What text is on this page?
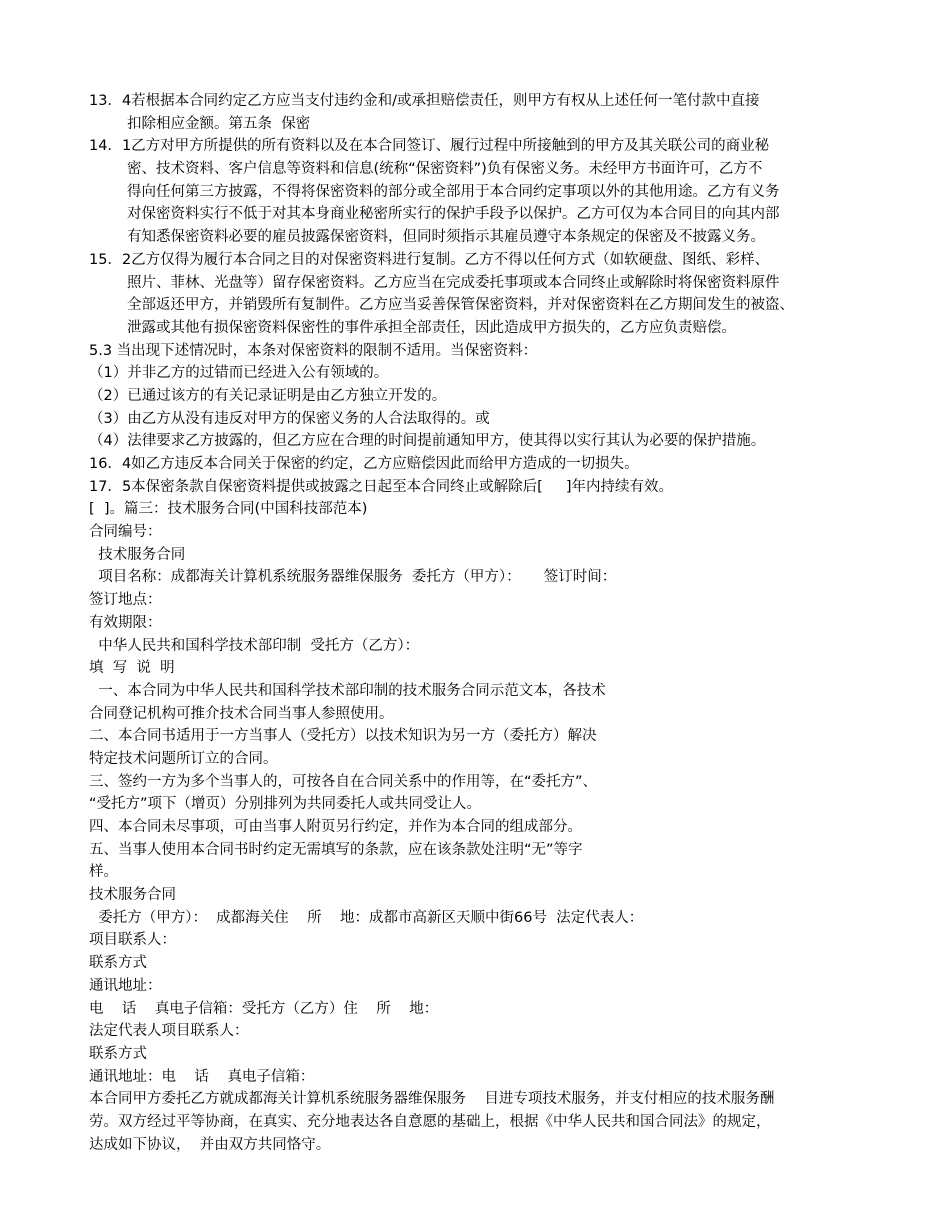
13．4若根据本合同约定乙方应当支付违约金和/或承担赔偿责任，则甲方有权从上述任何一笔付款中直接
扣除相应金额。第五条  保密
14．1乙方对甲方所提供的所有资料以及在本合同签订、履行过程中所接触到的甲方及其关联公司的商业秘
密、技术资料、客户信息等资料和信息(统称“保密资料”)负有保密义务。未经甲方书面许可，乙方不
得向任何第三方披露，不得将保密资料的部分或全部用于本合同约定事项以外的其他用途。乙方有义务
对保密资料实行不低于对其本身商业秘密所实行的保护手段予以保护。乙方可仅为本合同目的向其内部
有知悉保密资料必要的雇员披露保密资料，但同时须指示其雇员遵守本条规定的保密及不披露义务。
15．2乙方仅得为履行本合同之目的对保密资料进行复制。乙方不得以任何方式（如软硬盘、图纸、彩样、
照片、菲林、光盘等）留存保密资料。乙方应当在完成委托事项或本合同终止或解除时将保密资料原件
全部返还甲方，并销毁所有复制件。乙方应当妥善保管保密资料，并对保密资料在乙方期间发生的被盗、
泄露或其他有损保密资料保密性的事件承担全部责任，因此造成甲方损失的，乙方应负责赔偿。
5.3 当出现下述情况时，本条对保密资料的限制不适用。当保密资料：
（1）并非乙方的过错而已经进入公有领域的。
（2）已通过该方的有关记录证明是由乙方独立开发的。
（3）由乙方从没有违反对甲方的保密义务的人合法取得的。或
（4）法律要求乙方披露的，但乙方应在合理的时间提前通知甲方，使其得以实行其认为必要的保护措施。
16．4如乙方违反本合同关于保密的约定，乙方应赔偿因此而给甲方造成的一切损失。
17．5本保密条款自保密资料提供或披露之日起至本合同终止或解除后[     ]年内持续有效。
[  ]。篇三：技术服务合同(中国科技部范本)
合同编号：
技术服务合同
项目名称：成都海关计算机系统服务器维保服务  委托方（甲方）：     签订时间：
签订地点：
有效期限：
中华人民共和国科学技术部印制  受托方（乙方）：
填  写  说  明
一、本合同为中华人民共和国科学技术部印制的技术服务合同示范文本，各技术
合同登记机构可推介技术合同当事人参照使用。
二、本合同书适用于一方当事人（受托方）以技术知识为另一方（委托方）解决
特定技术问题所订立的合同。
三、签约一方为多个当事人的，可按各自在合同关系中的作用等，在“委托方”、
“受托方”项下（增页）分别排列为共同委托人或共同受让人。
四、本合同未尽事项，可由当事人附页另行约定，并作为本合同的组成部分。
五、当事人使用本合同书时约定无需填写的条款，应在该条款处注明“无”等字
样。
技术服务合同
委托方（甲方）：  成都海关住    所    地：成都市高新区天顺中街66号  法定代表人：
项目联系人：
联系方式
通讯地址：
电    话    真电子信箱：受托方（乙方）住    所    地：
法定代表人项目联系人：
联系方式
通讯地址：电    话    真电子信箱：
本合同甲方委托乙方就成都海关计算机系统服务器维保服务    目进专项技术服务，并支付相应的技术服务酬
劳。双方经过平等协商，在真实、充分地表达各自意愿的基础上，根据《中华人民共和国合同法》的规定，
达成如下协议，  并由双方共同恪守。
